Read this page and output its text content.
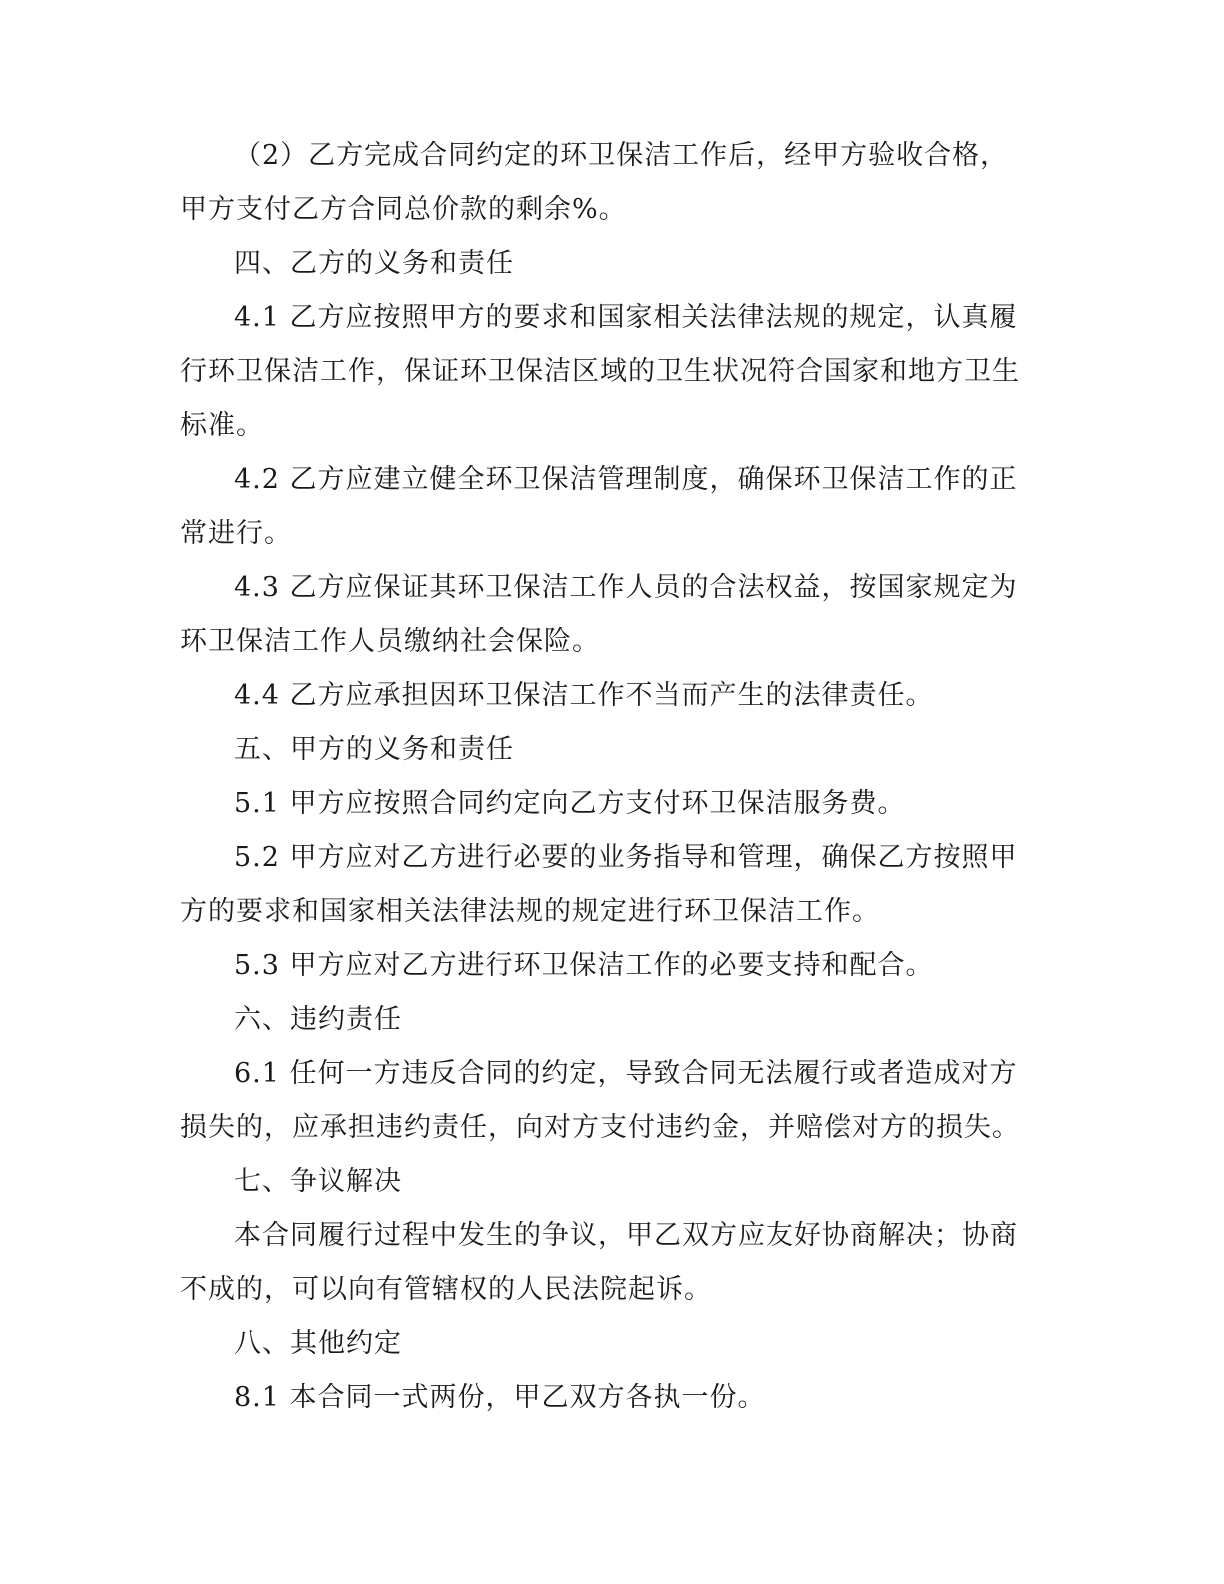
（2）乙方完成合同约定的环卫保洁工作后，经甲方验收合格，甲方支付乙方合同总价款的剩余%。

四、乙方的义务和责任

4.1 乙方应按照甲方的要求和国家相关法律法规的规定，认真履行环卫保洁工作，保证环卫保洁区域的卫生状况符合国家和地方卫生标准。

4.2 乙方应建立健全环卫保洁管理制度，确保环卫保洁工作的正常进行。

4.3 乙方应保证其环卫保洁工作人员的合法权益，按国家规定为环卫保洁工作人员缴纳社会保险。

4.4 乙方应承担因环卫保洁工作不当而产生的法律责任。

五、甲方的义务和责任

5.1 甲方应按照合同约定向乙方支付环卫保洁服务费。

5.2 甲方应对乙方进行必要的业务指导和管理，确保乙方按照甲方的要求和国家相关法律法规的规定进行环卫保洁工作。

5.3 甲方应对乙方进行环卫保洁工作的必要支持和配合。

六、违约责任

6.1 任何一方违反合同的约定，导致合同无法履行或者造成对方损失的，应承担违约责任，向对方支付违约金，并赔偿对方的损失。

七、争议解决

本合同履行过程中发生的争议，甲乙双方应友好协商解决；协商不成的，可以向有管辖权的人民法院起诉。

八、其他约定

8.1 本合同一式两份，甲乙双方各执一份。
